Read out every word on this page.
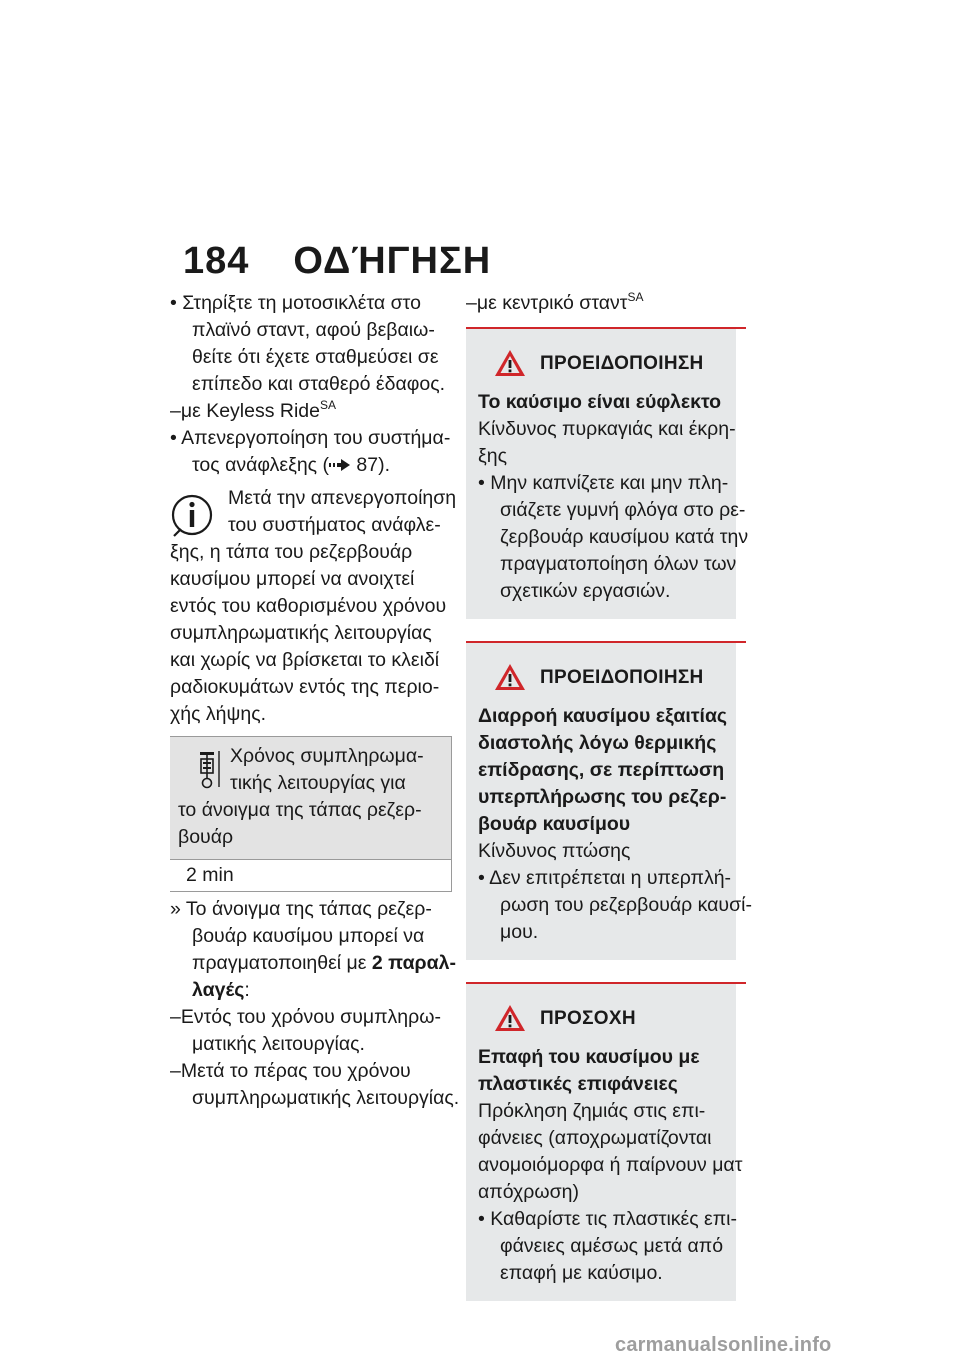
184 ΟΔΉΓΗΣΗ
• Στηρίξτε τη μοτοσικλέτα στο
πλαϊνό σταντ, αφού βεβαιω-
θείτε ότι έχετε σταθμεύσει σε
επίπεδο και σταθερό έδαφος.
–με Keyless Ride$^{SA}$
• Απενεργοποίηση του συστήμα-
τος ανάφλεξης ( 87).
Μετά την απενεργοποίηση
του συστήματος ανάφλε-
ξης, η τάπα του ρεζερβουάρ
καυσίμου μπορεί να ανοιχτεί
εντός του καθορισμένου χρόνου
συμπληρωματικής λειτουργίας
και χωρίς να βρίσκεται το κλειδί
ραδιοκυμάτων εντός της περιο-
χής λήψης.
Χρόνος συμπληρωμα-
τικής λειτουργίας για
το άνοιγμα της τάπας ρεζερ-
βουάρ
2 min
» Το άνοιγμα της τάπας ρεζερ-
βουάρ καυσίμου μπορεί να
πραγματοποιηθεί με 2 παραλ-
λαγές:
–Εντός του χρόνου συμπληρω-
ματικής λειτουργίας.
–Μετά το πέρας του χρόνου
συμπληρωματικής λειτουργίας.
–με κεντρικό σταντ$^{SA}$
ΠΡΟΕΙΔΟΠΟΙΗΣΗ
Το καύσιμο είναι εύφλεκτο
Κίνδυνος πυρκαγιάς και έκρη-
ξης
• Μην καπνίζετε και μην πλη-
σιάζετε γυμνή φλόγα στο ρε-
ζερβουάρ καυσίμου κατά την
πραγματοποίηση όλων των
σχετικών εργασιών.
ΠΡΟΕΙΔΟΠΟΙΗΣΗ
Διαρροή καυσίμου εξαιτίας
διαστολής λόγω θερμικής
επίδρασης, σε περίπτωση
υπερπλήρωσης του ρεζερ-
βουάρ καυσίμου
Κίνδυνος πτώσης
• Δεν επιτρέπεται η υπερπλή-
ρωση του ρεζερβουάρ καυσί-
μου.
ΠΡΟΣΟΧΗ
Επαφή του καυσίμου με
πλαστικές επιφάνειες
Πρόκληση ζημιάς στις επι-
φάνειες (αποχρωματίζονται
ανομοιόμορφα ή παίρνουν ματ
απόχρωση)
• Καθαρίστε τις πλαστικές επι-
φάνειες αμέσως μετά από
επαφή με καύσιμο.
carmanualsonline.info
